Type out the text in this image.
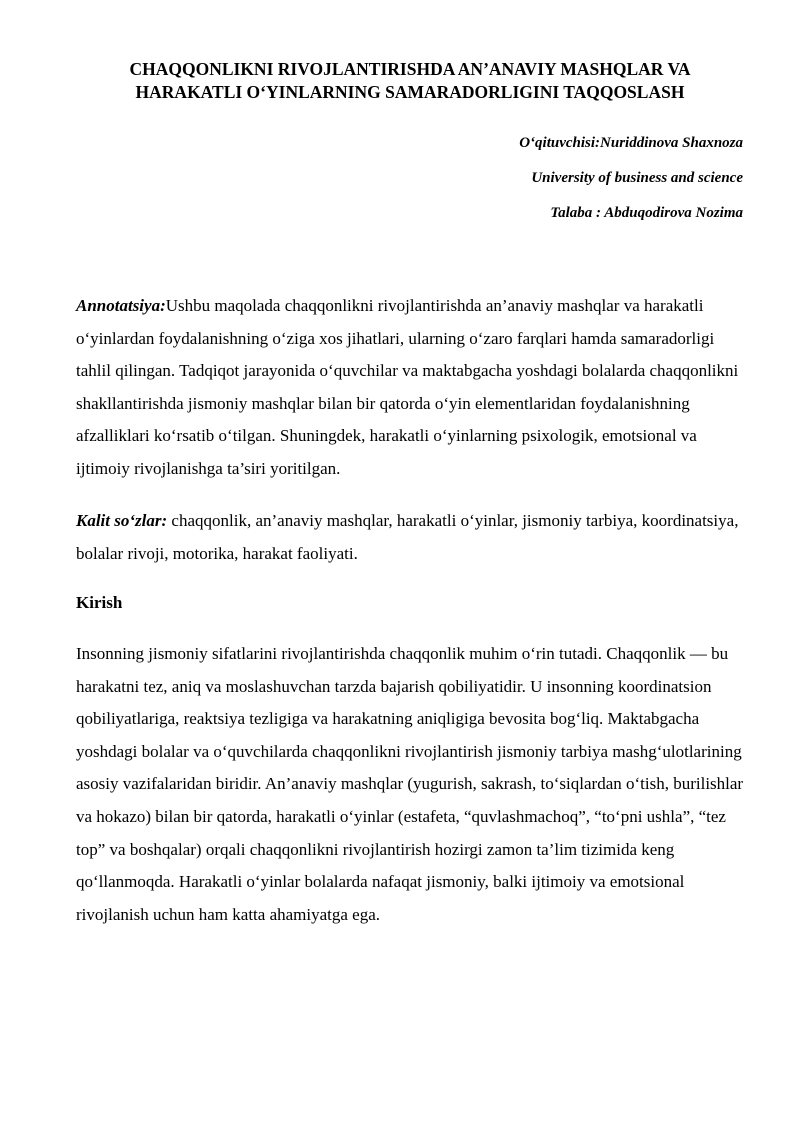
CHAQQONLIKNI RIVOJLANTIRISHDA AN’ANAVIY MASHQLAR VA
HARAKATLI O‘YINLARNING SAMARADORLIGINI TAQQOSLASH
O‘qituvchisi:Nuriddinova Shaxnoza
University of business and science
Talaba : Abduqodirova Nozima

Annotatsiya:Ushbu maqolada chaqqonlikni rivojlantirishda an’anaviy mashqlar va harakatli o‘yinlardan foydalanishning o‘ziga xos jihatlari, ularning o‘zaro farqlari hamda samaradorligi tahlil qilingan. Tadqiqot jarayonida o‘quvchilar va maktabgacha yoshdagi bolalarda chaqqonlikni shakllantirishda jismoniy mashqlar bilan bir qatorda o‘yin elementlaridan foydalanishning afzalliklari ko‘rsatib o‘tilgan. Shuningdek, harakatli o‘yinlarning psixologik, emotsional va ijtimoiy rivojlanishga ta’siri yoritilgan.

Kalit so‘zlar: chaqqonlik, an’anaviy mashqlar, harakatli o‘yinlar, jismoniy tarbiya, koordinatsiya, bolalar rivoji, motorika, harakat faoliyati.

Kirish

Insonning jismoniy sifatlarini rivojlantirishda chaqqonlik muhim o‘rin tutadi. Chaqqonlik — bu harakatni tez, aniq va moslashuvchan tarzda bajarish qobiliyatidir. U insonning koordinatsion qobiliyatlariga, reaktsiya tezligiga va harakatning aniqligiga bevosita bog‘liq. Maktabgacha yoshdagi bolalar va o‘quvchilarda chaqqonlikni rivojlantirish jismoniy tarbiya mashg‘ulotlarining asosiy vazifalaridan biridir. An’anaviy mashqlar (yugurish, sakrash, to‘siqlardan o‘tish, burilishlar va hokazo) bilan bir qatorda, harakatli o‘yinlar (estafeta, “quvlashmachoq”, “to‘pni ushla”, “tez top” va boshqalar) orqali chaqqonlikni rivojlantirish hozirgi zamon ta’lim tizimida keng qo‘llanmoqda. Harakatli o‘yinlar bolalarda nafaqat jismoniy, balki ijtimoiy va emotsional rivojlanish uchun ham katta ahamiyatga ega.
